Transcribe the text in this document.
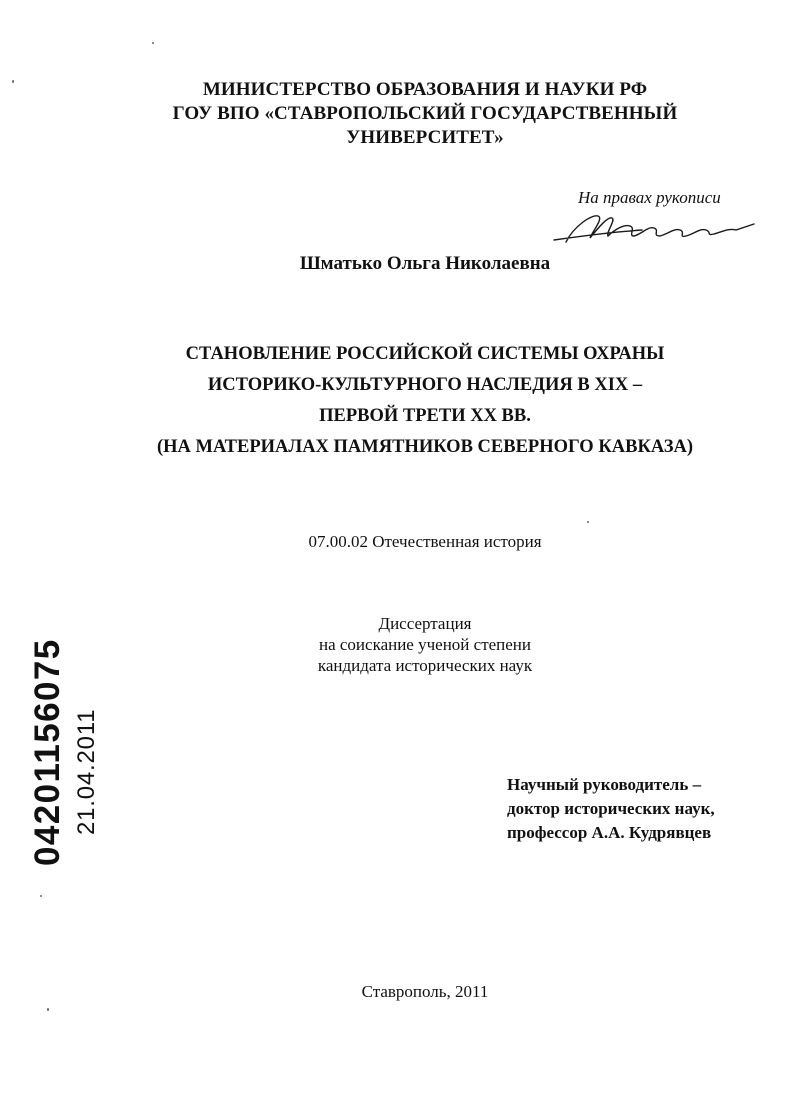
МИНИСТЕРСТВО ОБРАЗОВАНИЯ И НАУКИ РФ
ГОУ ВПО «СТАВРОПОЛЬСКИЙ ГОСУДАРСТВЕННЫЙ
УНИВЕРСИТЕТ»
На правах рукописи
Шматько Ольга Николаевна
СТАНОВЛЕНИЕ РОССИЙСКОЙ СИСТЕМЫ ОХРАНЫ
ИСТОРИКО-КУЛЬТУРНОГО НАСЛЕДИЯ В XIX –
ПЕРВОЙ ТРЕТИ XX ВВ.
(НА МАТЕРИАЛАХ ПАМЯТНИКОВ СЕВЕРНОГО КАВКАЗА)
07.00.02 Отечественная история
Диссертация
на соискание ученой степени
кандидата исторических наук
Научный руководитель –
доктор исторических наук,
профессор А.А. Кудрявцев
Ставрополь, 2011
04201156075 21.04.2011
